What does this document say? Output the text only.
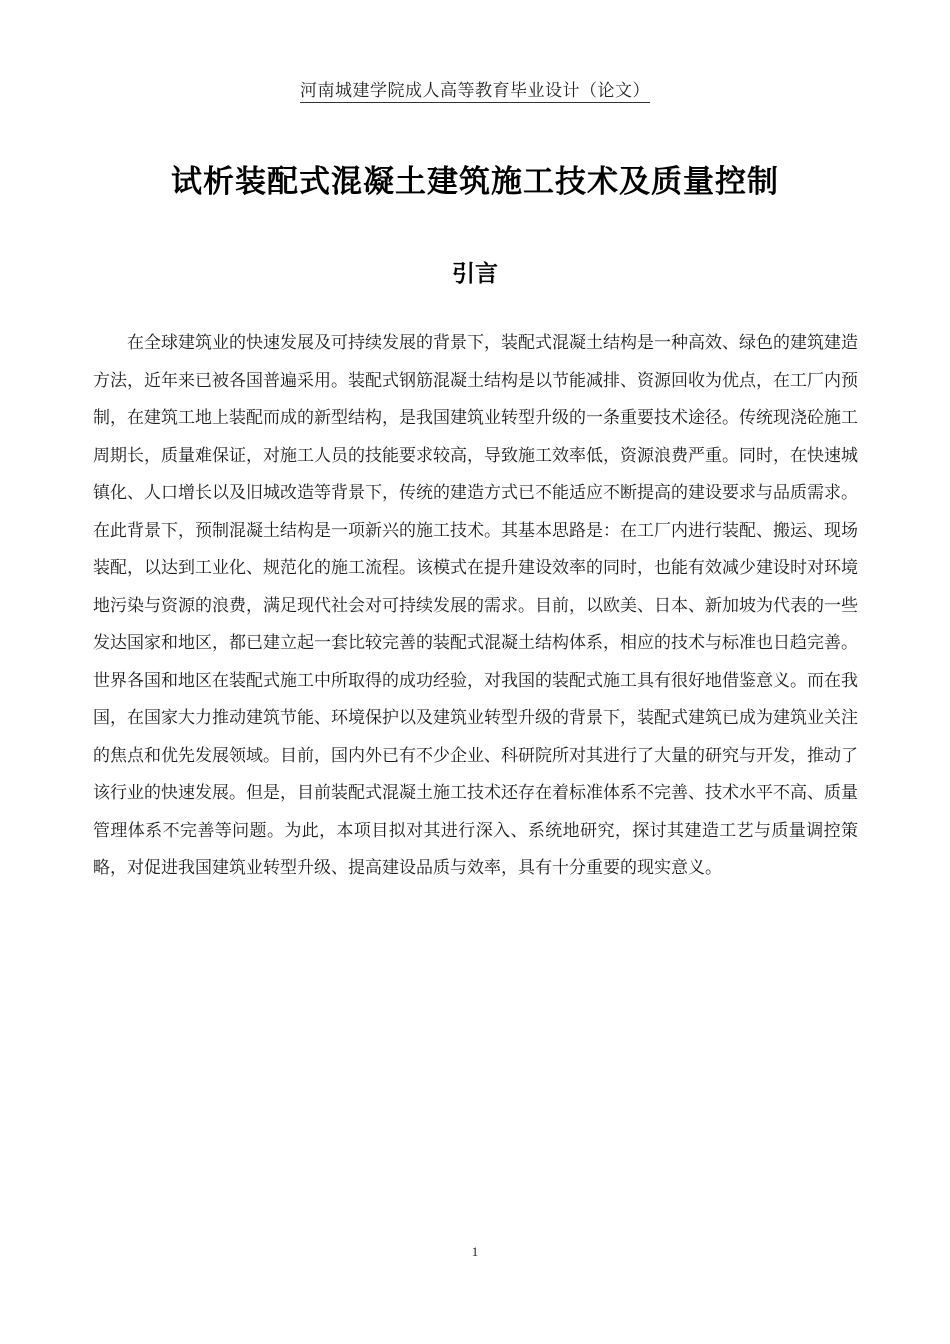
河南城建学院成人高等教育毕业设计（论文）
试析装配式混凝土建筑施工技术及质量控制
引言

在全球建筑业的快速发展及可持续发展的背景下，装配式混凝土结构是一种高效、绿色的建筑建造方法，近年来已被各国普遍采用。装配式钢筋混凝土结构是以节能减排、资源回收为优点，在工厂内预制，在建筑工地上装配而成的新型结构，是我国建筑业转型升级的一条重要技术途径。传统现浇砼施工周期长，质量难保证，对施工人员的技能要求较高，导致施工效率低，资源浪费严重。同时，在快速城镇化、人口增长以及旧城改造等背景下，传统的建造方式已不能适应不断提高的建设要求与品质需求。在此背景下，预制混凝土结构是一项新兴的施工技术。其基本思路是：在工厂内进行装配、搬运、现场装配，以达到工业化、规范化的施工流程。该模式在提升建设效率的同时，也能有效减少建设时对环境地污染与资源的浪费，满足现代社会对可持续发展的需求。目前，以欧美、日本、新加坡为代表的一些发达国家和地区，都已建立起一套比较完善的装配式混凝土结构体系，相应的技术与标准也日趋完善。世界各国和地区在装配式施工中所取得的成功经验，对我国的装配式施工具有很好地借鉴意义。而在我国，在国家大力推动建筑节能、环境保护以及建筑业转型升级的背景下，装配式建筑已成为建筑业关注的焦点和优先发展领域。目前，国内外已有不少企业、科研院所对其进行了大量的研究与开发，推动了该行业的快速发展。但是，目前装配式混凝土施工技术还存在着标准体系不完善、技术水平不高、质量管理体系不完善等问题。为此，本项目拟对其进行深入、系统地研究，探讨其建造工艺与质量调控策略，对促进我国建筑业转型升级、提高建设品质与效率，具有十分重要的现实意义。

1
